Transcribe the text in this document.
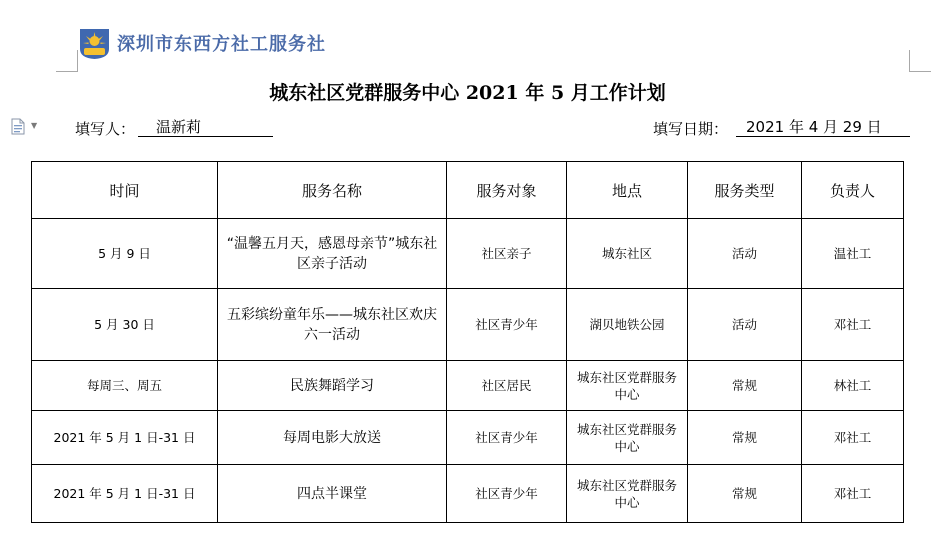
深圳市东西方社工服务社
城东社区党群服务中心 2021 年 5 月工作计划
▼	填写人：	温新莉	填写日期：	2021 年 4 月 29 日
时间	服务名称	服务对象	地点	服务类型	负责人
5 月 9 日	“温馨五月天，感恩母亲节”城东社区亲子活动	社区亲子	城东社区	活动	温社工
5 月 30 日	五彩缤纷童年乐——城东社区欢庆六一活动	社区青少年	湖贝地铁公园	活动	邓社工
每周三、周五	民族舞蹈学习	社区居民	城东社区党群服务中心	常规	林社工
2021 年 5 月 1 日-31 日	每周电影大放送	社区青少年	城东社区党群服务中心	常规	邓社工
2021 年 5 月 1 日-31 日	四点半课堂	社区青少年	城东社区党群服务中心	常规	邓社工
